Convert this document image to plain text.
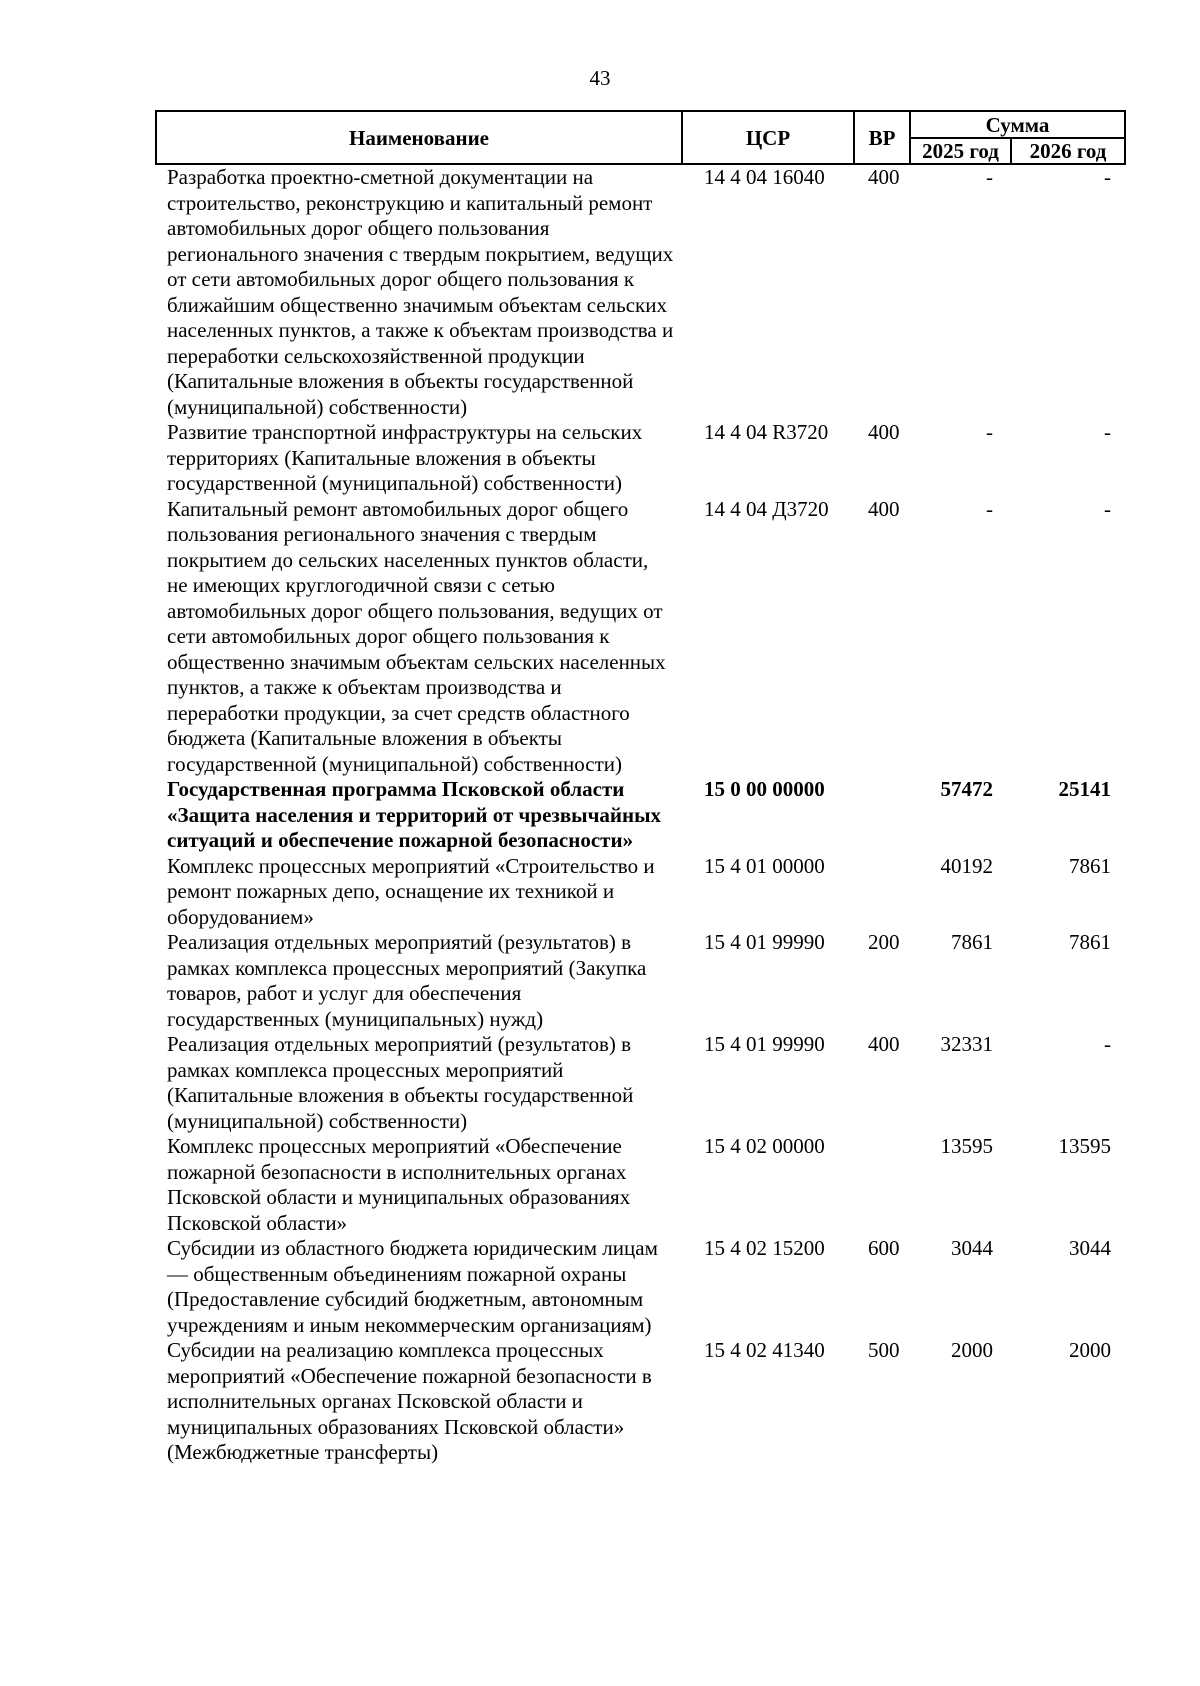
43
Наименование	ЦСР	ВР	Сумма	
			2025 год	2026 год
Разработка проектно-сметной документации на строительство, реконструкцию и капитальный ремонт автомобильных дорог общего пользования регионального значения с твердым покрытием, ведущих от сети автомобильных дорог общего пользования к ближайшим общественно значимым объектам сельских населенных пунктов, а также к объектам производства и переработки сельскохозяйственной продукции (Капитальные вложения в объекты государственной (муниципальной) собственности)	14 4 04 16040	400	-	-
Развитие транспортной инфраструктуры на сельских территориях (Капитальные вложения в объекты государственной (муниципальной) собственности)	14 4 04 R3720	400	-	-
Капитальный ремонт автомобильных дорог общего пользования регионального значения с твердым покрытием до сельских населенных пунктов области, не имеющих круглогодичной связи с сетью автомобильных дорог общего пользования, ведущих от сети автомобильных дорог общего пользования к общественно значимым объектам сельских населенных пунктов, а также к объектам производства и переработки продукции, за счет средств областного бюджета (Капитальные вложения в объекты государственной (муниципальной) собственности)	14 4 04 Д3720	400	-	-
Государственная программа Псковской области «Защита населения и территорий от чрезвычайных ситуаций и обеспечение пожарной безопасности»	15 0 00 00000		57472	25141
Комплекс процессных мероприятий «Строительство и ремонт пожарных депо, оснащение их техникой и оборудованием»	15 4 01 00000		40192	7861
Реализация отдельных мероприятий (результатов) в рамках комплекса процессных мероприятий (Закупка товаров, работ и услуг для обеспечения государственных (муниципальных) нужд)	15 4 01 99990	200	7861	7861
Реализация отдельных мероприятий (результатов) в рамках комплекса процессных мероприятий (Капитальные вложения в объекты государственной (муниципальной) собственности)	15 4 01 99990	400	32331	-
Комплекс процессных мероприятий «Обеспечение пожарной безопасности в исполнительных органах Псковской области и муниципальных образованиях Псковской области»	15 4 02 00000		13595	13595
Субсидии из областного бюджета юридическим лицам — общественным объединениям пожарной охраны (Предоставление субсидий бюджетным, автономным учреждениям и иным некоммерческим организациям)	15 4 02 15200	600	3044	3044
Субсидии на реализацию комплекса процессных мероприятий «Обеспечение пожарной безопасности в исполнительных органах Псковской области и муниципальных образованиях Псковской области» (Межбюджетные трансферты)	15 4 02 41340	500	2000	2000
